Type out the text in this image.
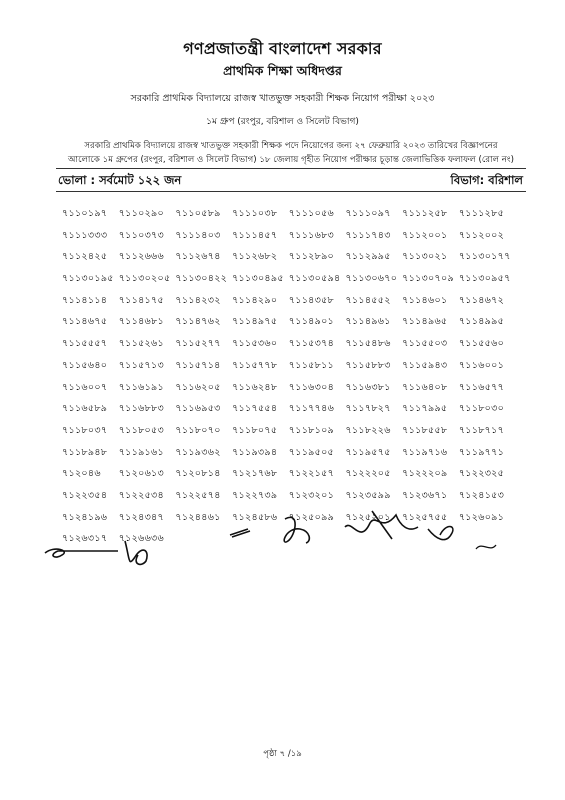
গণপ্রজাতন্ত্রী বাংলাদেশ সরকার
প্রাথমিক শিক্ষা অধিদপ্তর
সরকারি প্রাথমিক বিদ্যালয়ে রাজস্ব খাতভুক্ত সহকারী শিক্ষক নিয়োগ পরীক্ষা ২০২৩
১ম গ্রুপ (রংপুর, বরিশাল ও সিলেট বিভাগ)
সরকারি প্রাথমিক বিদ্যালয়ে রাজস্ব খাতভুক্ত সহকারী শিক্ষক পদে নিয়োগের জন্য ২৭ ফেব্রুয়ারি ২০২৩ তারিখের বিজ্ঞাপনের
আলোকে ১ম গ্রুপের (রংপুর, বরিশাল ও সিলেট বিভাগ) ১৮ জেলায় গৃহীত নিয়োগ পরীক্ষার চূড়ান্ত জেলাভিত্তিক ফলাফল (রোল নং)
ভোলা : সর্বমোট ১২২ জন	বিভাগ: বরিশাল
৭১১০১৯৭	৭১১০২৯০	৭১১০৫৮৯	৭১১১০৩৮	৭১১১০৫৬	৭১১১০৯৭	৭১১১২৫৮	৭১১১২৮৫
৭১১১৩৩৩	৭১১০৩৭৩	৭১১১৪০৩	৭১১১৪৫৭	৭১১১৬৮৩	৭১১১৭৪৩	৭১১২০০১	৭১১২০০২
৭১১২৪২৫	৭১১২৬৬৬	৭১১২৬৭৪	৭১১২৬৮২	৭১১২৮৯০	৭১১২৯৯৫	৭১১৩০২১	৭১১৩০১৭৭
৭১১৩০১৯৫ ৭১১৩০২০৫ ৭১১৩০৪২২ ৭১১৩০৪৯৫ ৭১১৩০৫৯৪ ৭১১৩০৬৭০ ৭১১৩০৭০৯ ৭১১৩০৯৫৭
৭১১৪১১৪	৭১১৪১৭৫	৭১১৪২৩২	৭১১৪২৯০	৭১১৪৩৫৮	৭১১৪৫৫২	৭১১৪৬০১	৭১১৪৬৭২
৭১১৪৬৭৫	৭১১৪৬৮১	৭১১৪৭৬২	৭১১৪৯৭৫	৭১১৪৯০১	৭১১৪৯৬১	৭১১৪৯৬৫	৭১১৪৯৯৫
৭১১৫৫৫৭	৭১১৫২৬১	৭১১৫২৭৭	৭১১৫৩৬০	৭১১৫৩৭৪	৭১১৫৪৮৬	৭১১৫৫০৩	৭১১৫৫৬০
৭১১৫৬৪০	৭১১৫৭১৩	৭১১৫৭১৪	৭১১৫৭৭৮	৭১১৫৮১১	৭১১৫৮৮৩	৭১১৫৯৪৩	৭১১৬০০১
৭১১৬০০৭	৭১১৬১৯১	৭১১৬২০৫	৭১১৬২৪৮	৭১১৬৩০৪	৭১১৬৩৮১	৭১১৬৪০৮	৭১১৬৫৭৭
৭১১৬৫৮৯	৭১১৬৮৮৩	৭১১৬৯৫৩	৭১১৭৫৫৪	৭১১৭৭৪৬	৭১১৭৮২৭	৭১১৭৯৯৫	৭১১৮০৩০
৭১১৮০৩৭	৭১১৮০৫৩	৭১১৮০৭০	৭১১৮০৭৫	৭১১৮১০৯	৭১১৮২২৬	৭১১৮৫৫৮	৭১১৮৭১৭
৭১১৮৯৪৮	৭১১৯১৬১	৭১১৯৩৬২	৭১১৯৩৯৪	৭১১৯৫০৫	৭১১৯৫৭৫	৭১১৯৭১৬	৭১১৯৭৭১
৭১২০৪৬	৭১২০৬১৩	৭১২০৮১৪	৭১২১৭৬৮	৭১২২১৫৭	৭১২২২০৫	৭১২২২০৯	৭১২২৩২৫
৭১২২৩৫৪	৭১২২৫৩৪	৭১২২৫৭৪	৭১২২৭৩৯	৭১২৩২০১	৭১২৩৫৯৯	৭১২৩৬৭১	৭১২৪১৫৩
৭১২৪১৯৬	৭১২৪৩৪৭	৭১২৪৪৬১	৭১২৪৫৮৬	৭১২৫০৯৯	৭১২৫২০১	৭১২৫৭৫৫	৭১২৬০৯১
৭১২৬৩১৭	৭১২৬৬৩৬
পৃষ্ঠা ৭ /১৯
